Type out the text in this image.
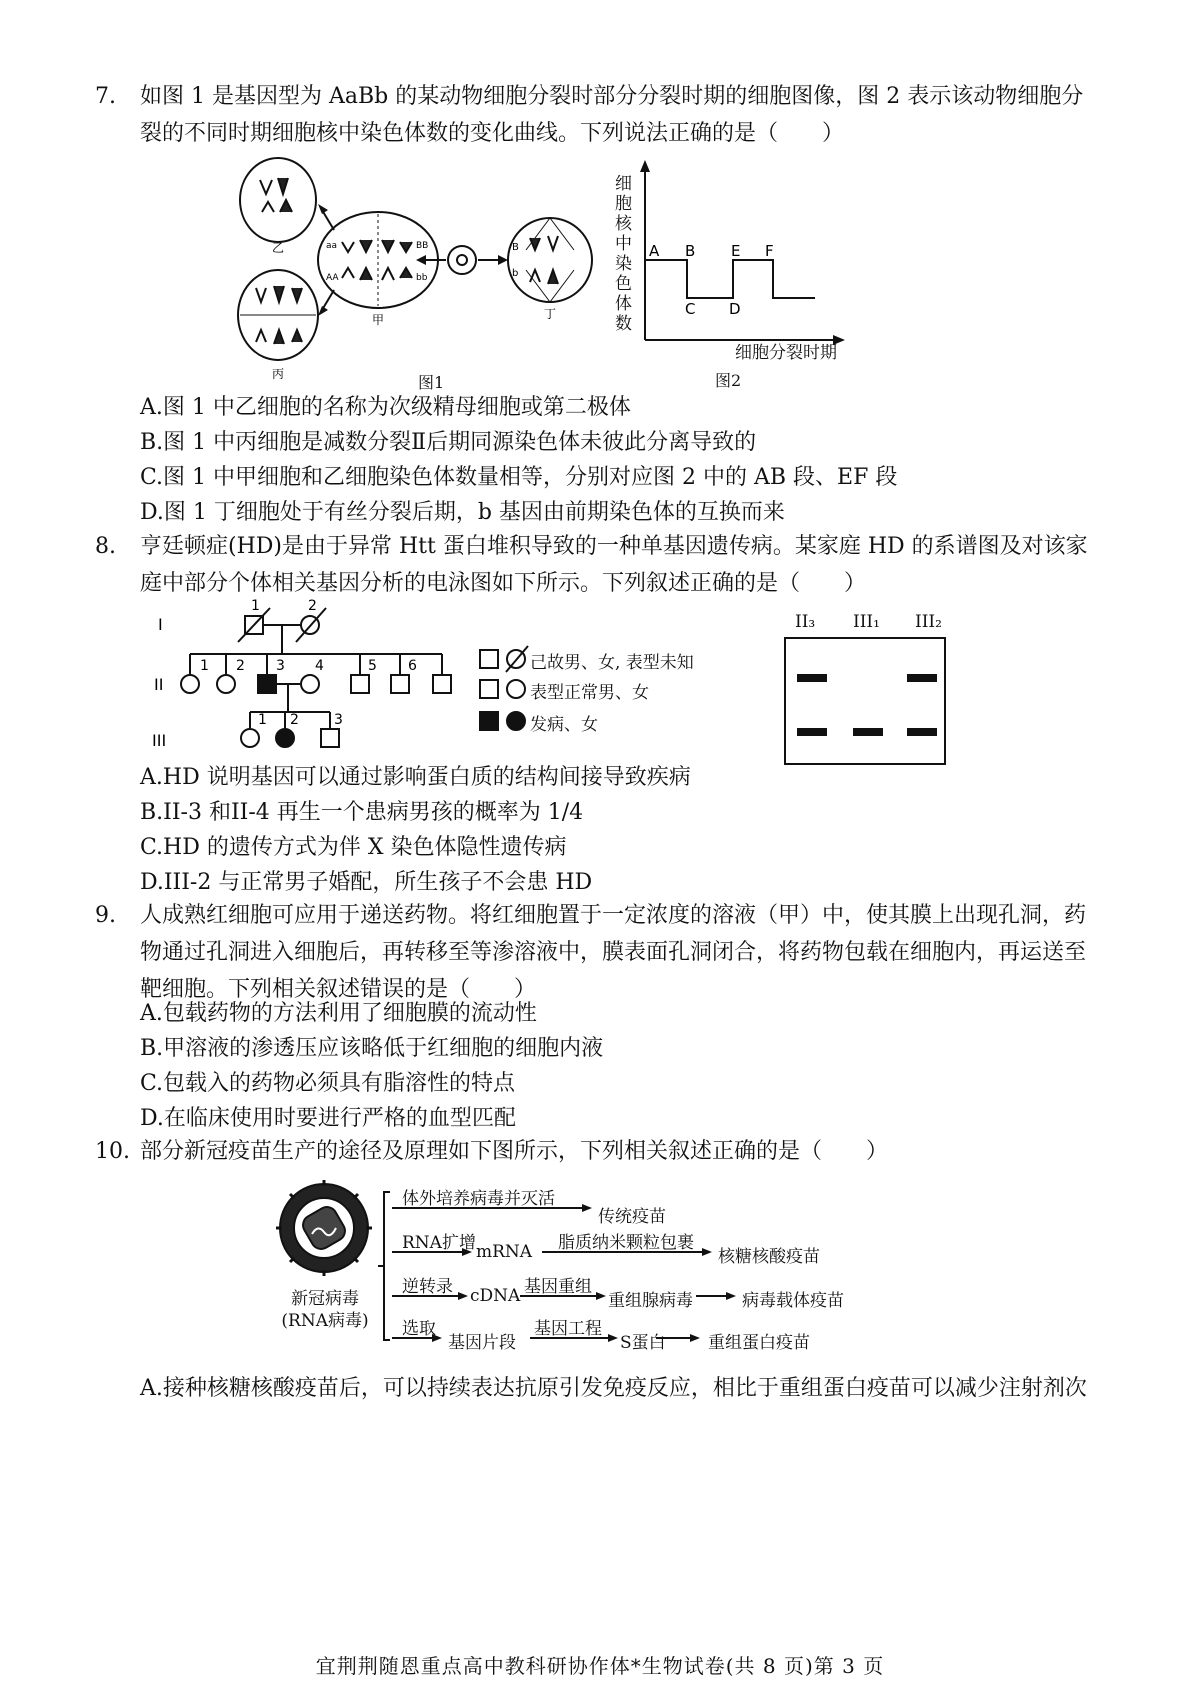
7.	如图 1 是基因型为 AaBb 的某动物细胞分裂时部分分裂时期的细胞图像，图 2 表示该动物细胞分裂的不同时期细胞核中染色体数的变化曲线。下列说法正确的是（　　）
乙
丙
aa	BB
AA	bb
甲
B
b
丁
图1
A B
C D
E F
细胞核中染色体数
细胞分裂时期
图2
A.图 1 中乙细胞的名称为次级精母细胞或第二极体
B.图 1 中丙细胞是减数分裂Ⅱ后期同源染色体未彼此分离导致的
C.图 1 中甲细胞和乙细胞染色体数量相等，分别对应图 2 中的 AB 段、EF 段
D.图 1 丁细胞处于有丝分裂后期，b 基因由前期染色体的互换而来
8.	亨廷顿症(HD)是由于异常 Htt 蛋白堆积导致的一种单基因遗传病。某家庭 HD 的系谱图及对该家庭中部分个体相关基因分析的电泳图如下所示。下列叙述正确的是（　　）
I
II
III
1	2
1 2 3 4	5 6
1 2	3
己故男、女, 表型未知
表型正常男、女
发病、女
II₃ III₁ III₂
A.HD 说明基因可以通过影响蛋白质的结构间接导致疾病
B.II-3 和II-4 再生一个患病男孩的概率为 1/4
C.HD 的遗传方式为伴 X 染色体隐性遗传病
D.III-2 与正常男子婚配，所生孩子不会患 HD
9.	人成熟红细胞可应用于递送药物。将红细胞置于一定浓度的溶液（甲）中，使其膜上出现孔洞，药物通过孔洞进入细胞后，再转移至等渗溶液中，膜表面孔洞闭合，将药物包载在细胞内，再运送至靶细胞。下列相关叙述错误的是（　　）
A.包载药物的方法利用了细胞膜的流动性
B.甲溶液的渗透压应该略低于红细胞的细胞内液
C.包载入的药物必须具有脂溶性的特点
D.在临床使用时要进行严格的血型匹配
10. 部分新冠疫苗生产的途径及原理如下图所示，下列相关叙述正确的是（　　）
新冠病毒
(RNA病毒)
体外培养病毒并灭活
传统疫苗
RNA扩增 mRNA 脂质纳米颗粒包裹
核糖核酸疫苗
逆转录 cDNA 基因重组
重组腺病毒	病毒载体疫苗
选取
基因片段
基因工程
S蛋白 重组蛋白疫苗
A.接种核糖核酸疫苗后，可以持续表达抗原引发免疫反应，相比于重组蛋白疫苗可以减少注射剂次
宜荆荆随恩重点高中教科研协作体*生物试卷(共 8 页)第 3 页
